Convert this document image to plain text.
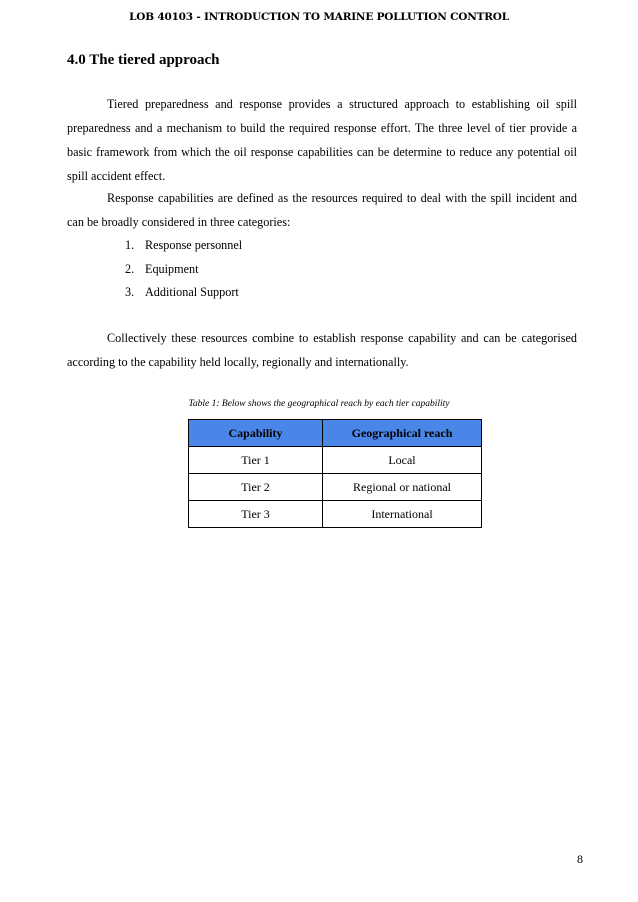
LOB 40103 - INTRODUCTION TO MARINE POLLUTION CONTROL
4.0 The tiered approach

Tiered preparedness and response provides a structured approach to establishing oil spill preparedness and a mechanism to build the required response effort. The three level of tier provide a basic framework from which the oil response capabilities can be determine to reduce any potential oil spill accident effect.

Response capabilities are defined as the resources required to deal with the spill incident and can be broadly considered in three categories:

1. Response personnel
2. Equipment
3. Additional Support

Collectively these resources combine to establish response capability and can be categorised according to the capability held locally, regionally and internationally.

Table 1: Below shows the geographical reach by each tier capability

Capability	Geographical reach
Tier 1	Local
Tier 2	Regional or national
Tier 3	International
8
